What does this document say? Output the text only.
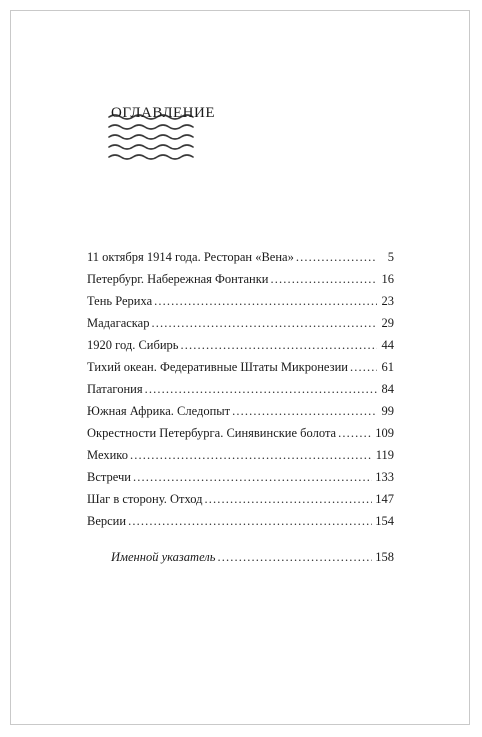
ОГЛАВЛЕНИЕ
11 октября 1914 года. Ресторан «Вена» . . .	5
Петербург. Набережная Фонтанки . . .	16
Тень Рериха . . .	23
Мадагаскар . . .	29
1920 год. Сибирь . . .	44
Тихий океан. Федеративные Штаты Микронезии . . .	61
Патагония . . .	84
Южная Африка. Следопыт . . .	99
Окрестности Петербурга. Синявинские болота . . .	109
Мехико . . .	119
Встречи . . .	133
Шаг в сторону. Отход . . .	147
Версии . . .	154
Именной указатель . . .	158
